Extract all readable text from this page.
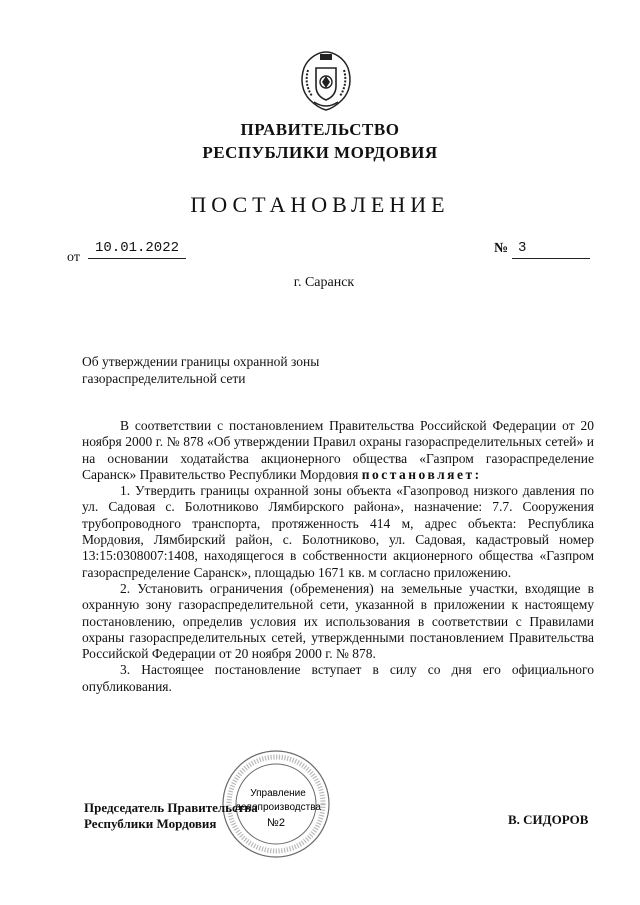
ПРАВИТЕЛЬСТВО
РЕСПУБЛИКИ МОРДОВИЯ
ПОСТАНОВЛЕНИЕ
от
10.01.2022	№ 3
г. Саранск
Об утверждении границы охранной зоны газораспределительной сети

В соответствии с постановлением Правительства Российской Федерации от 20 ноября 2000 г. № 878 «Об утверждении Правил охраны газораспределительных сетей» и на основании ходатайства акционерного общества «Газпром газораспределение Саранск» Правительство Республики Мордовия постановляет:

1. Утвердить границы охранной зоны объекта «Газопровод низкого давления по ул. Садовая с. Болотниково Лямбирского района», назначение: 7.7. Сооружения трубопроводного транспорта, протяженность 414 м, адрес объекта: Республика Мордовия, Лямбирский район, с. Болотниково, ул. Садовая, кадастровый номер 13:15:0308007:1408, находящегося в собственности акционерного общества «Газпром газораспределение Саранск», площадью 1671 кв. м согласно приложению.

2. Установить ограничения (обременения) на земельные участки, входящие в охранную зону газораспределительной сети, указанной в приложении к настоящему постановлению, определив условия их использования в соответствии с Правилами охраны газораспределительных сетей, утвержденными постановлением Правительства Российской Федерации от 20 ноября 2000 г. № 878.

3. Настоящее постановление вступает в силу со дня его официального опубликования.

Управление
делопроизводства
№2
Председатель Правительства
Республики Мордовия	В. СИДОРОВ
